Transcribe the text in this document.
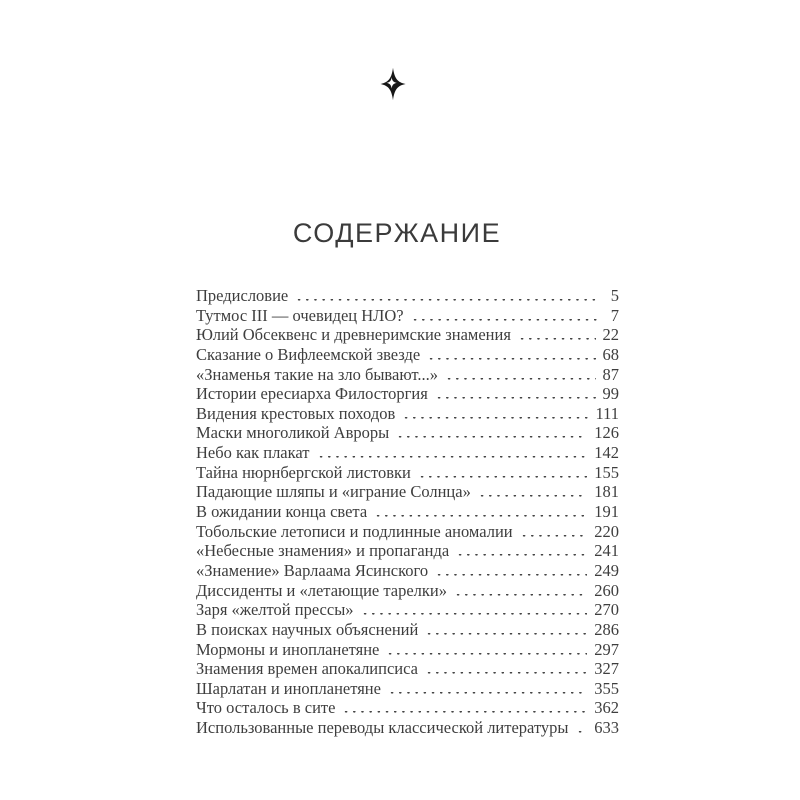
СОДЕРЖАНИЕ
Предисловие	5
Тутмос III — очевидец НЛО?	7
Юлий Обсеквенс и древнеримские знамения	22
Сказание о Вифлеемской звезде	68
«Знаменья такие на зло бывают...»	87
Истории ересиарха Филосторгия	99
Видения крестовых походов	111
Маски многоликой Авроры	126
Небо как плакат	142
Тайна нюрнбергской листовки	155
Падающие шляпы и «играние Солнца»	181
В ожидании конца света	191
Тобольские летописи и подлинные аномалии	220
«Небесные знамения» и пропаганда	241
«Знамение» Варлаама Ясинского	249
Диссиденты и «летающие тарелки»	260
Заря «желтой прессы»	270
В поисках научных объяснений	286
Мормоны и инопланетяне	297
Знамения времен апокалипсиса	327
Шарлатан и инопланетяне	355
Что осталось в сите	362
Использованные переводы классической литературы 633
